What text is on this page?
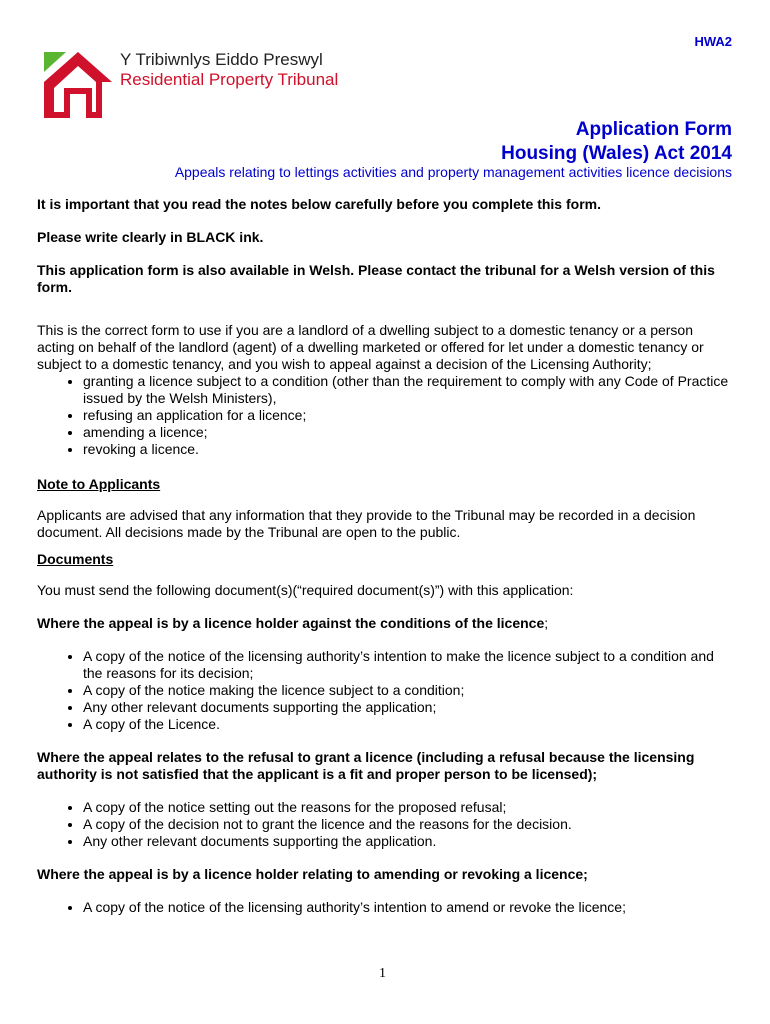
HWA2
Y Tribiwnlys Eiddo Preswyl
Residential Property Tribunal
Application Form
Housing (Wales) Act 2014
Appeals relating to lettings activities and property management activities licence decisions

It is important that you read the notes below carefully before you complete this form.

Please write clearly in BLACK ink.

This application form is also available in Welsh. Please contact the tribunal for a Welsh version of this form.

This is the correct form to use if you are a landlord of a dwelling subject to a domestic tenancy or a person acting on behalf of the landlord (agent) of a dwelling marketed or offered for let under a domestic tenancy or subject to a domestic tenancy, and you wish to appeal against a decision of the Licensing Authority;

• granting a licence subject to a condition (other than the requirement to comply with any Code of Practice issued by the Welsh Ministers),
• refusing an application for a licence;
• amending a licence;
• revoking a licence.

Note to Applicants

Applicants are advised that any information that they provide to the Tribunal may be recorded in a decision document. All decisions made by the Tribunal are open to the public.

Documents

You must send the following document(s)(“required document(s)”) with this application:

Where the appeal is by a licence holder against the conditions of the licence;

• A copy of the notice of the licensing authority’s intention to make the licence subject to a condition and the reasons for its decision;
• A copy of the notice making the licence subject to a condition;
• Any other relevant documents supporting the application;
• A copy of the Licence.

Where the appeal relates to the refusal to grant a licence (including a refusal because the licensing authority is not satisfied that the applicant is a fit and proper person to be licensed);

• A copy of the notice setting out the reasons for the proposed refusal;
• A copy of the decision not to grant the licence and the reasons for the decision.
• Any other relevant documents supporting the application.

Where the appeal is by a licence holder relating to amending or revoking a licence;

• A copy of the notice of the licensing authority’s intention to amend or revoke the licence;
1
